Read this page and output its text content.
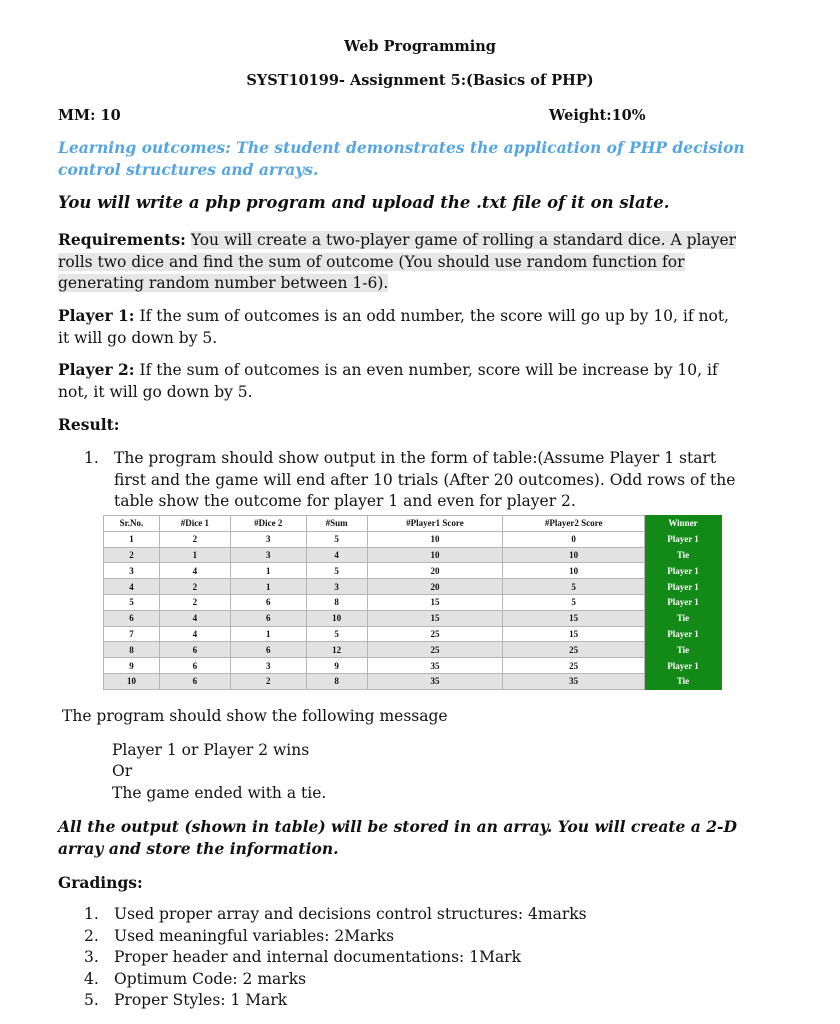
Web Programming
SYST10199- Assignment 5:(Basics of PHP)
MM: 10	Weight:10%
Learning outcomes: The student demonstrates the application of PHP decision
control structures and arrays.
You will write a php program and upload the .txt file of it on slate.
Requirements: You will create a two-player game of rolling a standard dice. A player
rolls two dice and find the sum of outcome (You should use random function for
generating random number between 1-6).
Player 1: If the sum of outcomes is an odd number, the score will go up by 10, if not,
it will go down by 5.
Player 2: If the sum of outcomes is an even number, score will be increase by 10, if
not, it will go down by 5.
Result:
1. The program should show output in the form of table:(Assume Player 1 start
first and the game will end after 10 trials (After 20 outcomes). Odd rows of the
table show the outcome for player 1 and even for player 2.
Sr.No.	#Dice 1	#Dice 2	#Sum	#Player1 Score	#Player2 Score	Winner
1	2	3	5	10	0	Player 1
2	1	3	4	10	10	Tie
3	4	1	5	20	10	Player 1
4	2	1	3	20	5	Player 1
5	2	6	8	15	5	Player 1
6	4	6	10	15	15	Tie
7	4	1	5	25	15	Player 1
8	6	6	12	25	25	Tie
9	6	3	9	35	25	Player 1
10	6	2	8	35	35	Tie
The program should show the following message
Player 1 or Player 2 wins
Or
The game ended with a tie.
All the output (shown in table) will be stored in an array. You will create a 2-D
array and store the information.
Gradings:
1. Used proper array and decisions control structures: 4marks
2. Used meaningful variables: 2Marks
3. Proper header and internal documentations: 1Mark
4. Optimum Code: 2 marks
5. Proper Styles: 1 Mark
